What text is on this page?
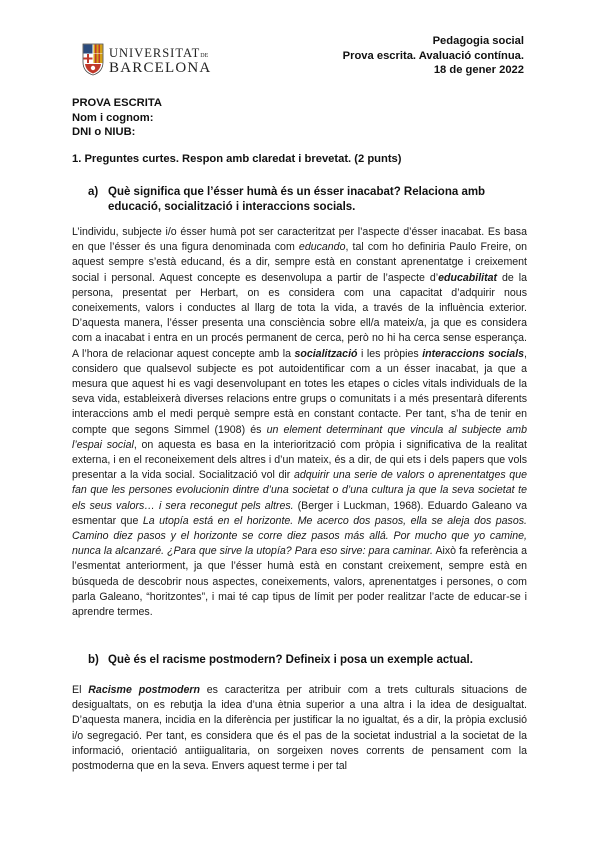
UNIVERSITATDE
BARCELONA
Pedagogia social
Prova escrita. Avaluació contínua.
18 de gener 2022
PROVA ESCRITA
Nom i cognom:
DNI o NIUB:
1. Preguntes curtes. Respon amb claredat i brevetat. (2 punts)
a) Què significa que l’ésser humà és un ésser inacabat? Relaciona amb educació, socialització i interaccions socials.
L’individu, subjecte i/o ésser humà pot ser caracteritzat per l’aspecte d’ésser inacabat. Es basa en que l’ésser és una figura denominada com educando, tal com ho definiria Paulo Freire, on aquest sempre s’està educand, és a dir, sempre està en constant aprenentatge i creixement social i personal. Aquest concepte es desenvolupa a partir de l’aspecte d’educabilitat de la persona, presentat per Herbart, on es considera com una capacitat d’adquirir nous coneixements, valors i conductes al llarg de tota la vida, a través de la influència exterior. D’aquesta manera, l’ésser presenta una consciència sobre ell/a mateix/a, ja que es considera com a inacabat i entra en un procés permanent de cerca, però no hi ha cerca sense esperança. A l’hora de relacionar aquest concepte amb la socialització i les pròpies interaccions socials, considero que qualsevol subjecte es pot autoidentificar com a un ésser inacabat, ja que a mesura que aquest hi es vagi desenvolupant en totes les etapes o cicles vitals individuals de la seva vida, estableixerà diverses relacions entre grups o comunitats i a més presentarà diferents interaccions amb el medi perquè sempre està en constant contacte. Per tant, s’ha de tenir en compte que segons Simmel (1908) és un element determinant que vincula al subjecte amb l’espai social, on aquesta es basa en la interiorització com pròpia i significativa de la realitat externa, i en el reconeixement dels altres i d’un mateix, és a dir, de qui ets i dels papers que vols presentar a la vida social. Socialització vol dir adquirir una serie de valors o aprenentatges que fan que les persones evolucionin dintre d’una societat o d’una cultura ja que la seva societat te els seus valors… i sera reconegut pels altres. (Berger i Luckman, 1968). Eduardo Galeano va esmentar que La utopía está en el horizonte. Me acerco dos pasos, ella se aleja dos pasos. Camino diez pasos y el horizonte se corre diez pasos más allá. Por mucho que yo camine, nunca la alcanzaré. ¿Para que sirve la utopía? Para eso sirve: para caminar. Això fa referència a l’esmentat anteriorment, ja que l’ésser humà està en constant creixement, sempre està en búsqueda de descobrir nous aspectes, coneixements, valors, aprenentatges i persones, o com parla Galeano, “horitzontes”, i mai té cap tipus de límit per poder realitzar l’acte de educar-se i aprendre termes.
b) Què és el racisme postmodern? Defineix i posa un exemple actual.
El Racisme postmodern es caracteritza per atribuir com a trets culturals situacions de desigualtats, on es rebutja la idea d’una ètnia superior a una altra i la idea de desigualtat. D’aquesta manera, incidia en la diferència per justificar la no igualtat, és a dir, la pròpia exclusió i/o segregació. Per tant, es considera que és el pas de la societat industrial a la societat de la informació, orientació antiigualitaria, on sorgeixen noves corrents de pensament com la postmoderna que en la seva. Envers aquest terme i per tal
